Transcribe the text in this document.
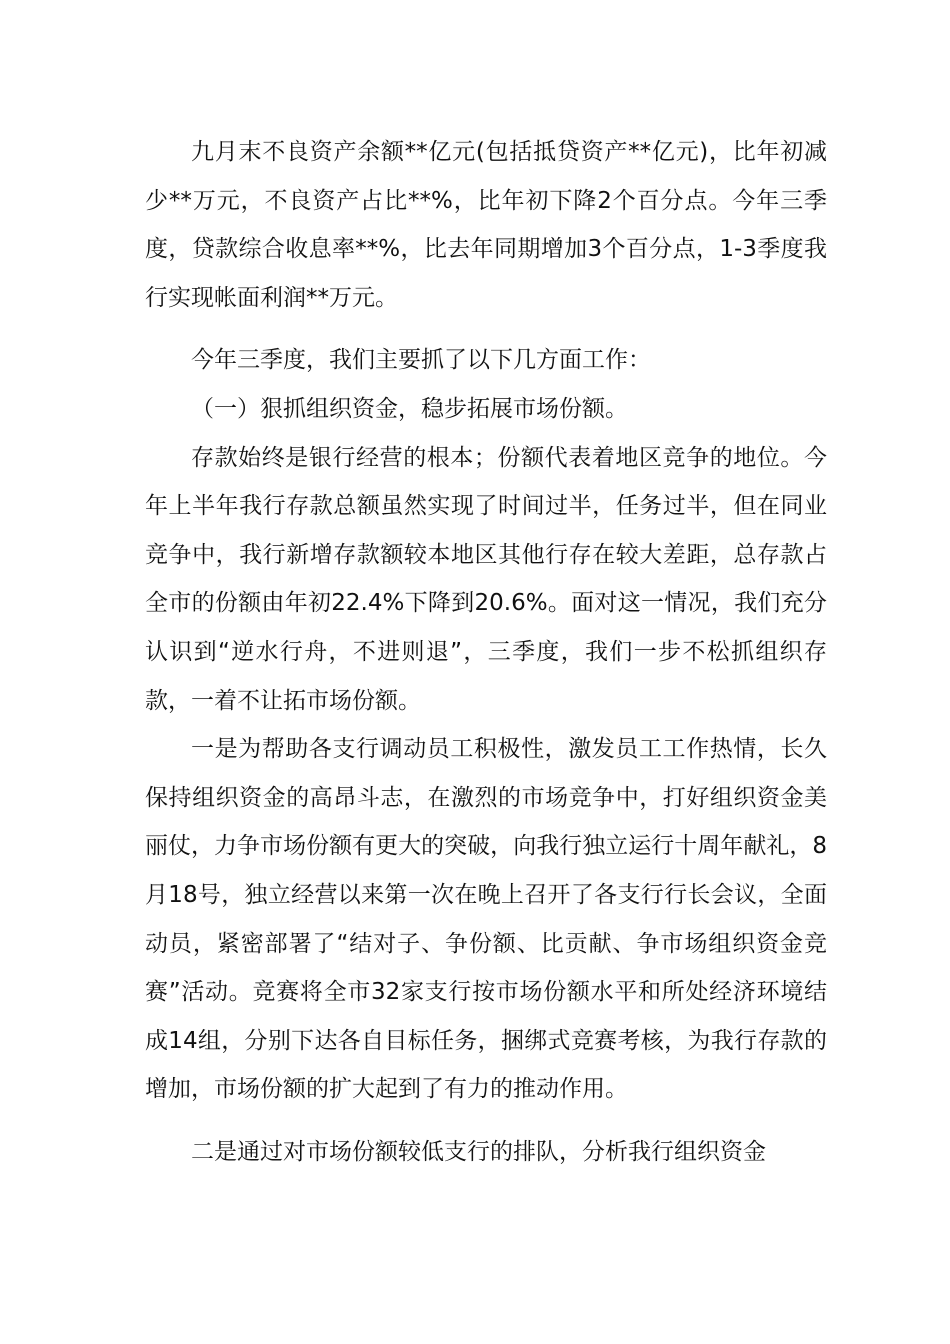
九月末不良资产余额**亿元(包括抵贷资产**亿元)，比年初减少**万元，不良资产占比**%，比年初下降2个百分点。今年三季度，贷款综合收息率**%，比去年同期增加3个百分点，1-3季度我行实现帐面利润**万元。

今年三季度，我们主要抓了以下几方面工作：

（一）狠抓组织资金，稳步拓展市场份额。

存款始终是银行经营的根本；份额代表着地区竞争的地位。今年上半年我行存款总额虽然实现了时间过半，任务过半，但在同业竞争中，我行新增存款额较本地区其他行存在较大差距，总存款占全市的份额由年初22.4%下降到20.6%。面对这一情况，我们充分认识到“逆水行舟，不进则退”，三季度，我们一步不松抓组织存款，一着不让拓市场份额。

一是为帮助各支行调动员工积极性，激发员工工作热情，长久保持组织资金的高昂斗志，在激烈的市场竞争中，打好组织资金美丽仗，力争市场份额有更大的突破，向我行独立运行十周年献礼，8月18号，独立经营以来第一次在晚上召开了各支行行长会议，全面动员，紧密部署了“结对子、争份额、比贡献、争市场组织资金竞赛”活动。竞赛将全市32家支行按市场份额水平和所处经济环境结成14组，分别下达各自目标任务，捆绑式竞赛考核，为我行存款的增加，市场份额的扩大起到了有力的推动作用。

二是通过对市场份额较低支行的排队，分析我行组织资金
